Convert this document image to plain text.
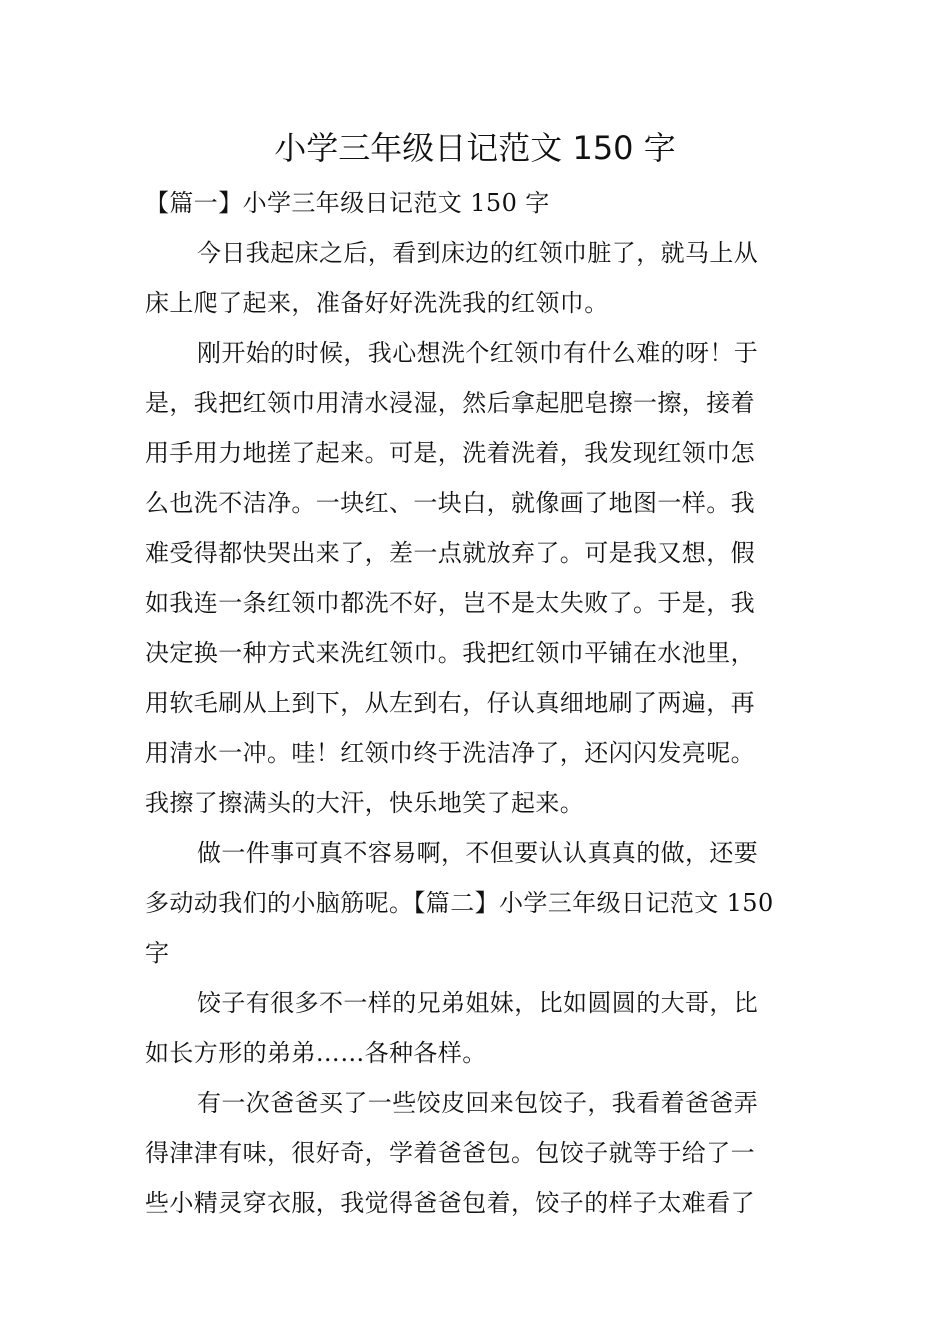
小学三年级日记范文 150 字
【篇一】小学三年级日记范文 150 字
今日我起床之后，看到床边的红领巾脏了，就马上从
床上爬了起来，准备好好洗洗我的红领巾。
刚开始的时候，我心想洗个红领巾有什么难的呀！于
是，我把红领巾用清水浸湿，然后拿起肥皂擦一擦，接着
用手用力地搓了起来。可是，洗着洗着，我发现红领巾怎
么也洗不洁净。一块红、一块白，就像画了地图一样。我
难受得都快哭出来了，差一点就放弃了。可是我又想，假
如我连一条红领巾都洗不好，岂不是太失败了。于是，我
决定换一种方式来洗红领巾。我把红领巾平铺在水池里，
用软毛刷从上到下，从左到右，仔认真细地刷了两遍，再
用清水一冲。哇！红领巾终于洗洁净了，还闪闪发亮呢。
我擦了擦满头的大汗，快乐地笑了起来。
做一件事可真不容易啊，不但要认认真真的做，还要
多动动我们的小脑筋呢。【篇二】小学三年级日记范文 150
字
饺子有很多不一样的兄弟姐妹，比如圆圆的大哥，比
如长方形的弟弟……各种各样。
有一次爸爸买了一些饺皮回来包饺子，我看着爸爸弄
得津津有味，很好奇，学着爸爸包。包饺子就等于给了一
些小精灵穿衣服，我觉得爸爸包着，饺子的样子太难看了
